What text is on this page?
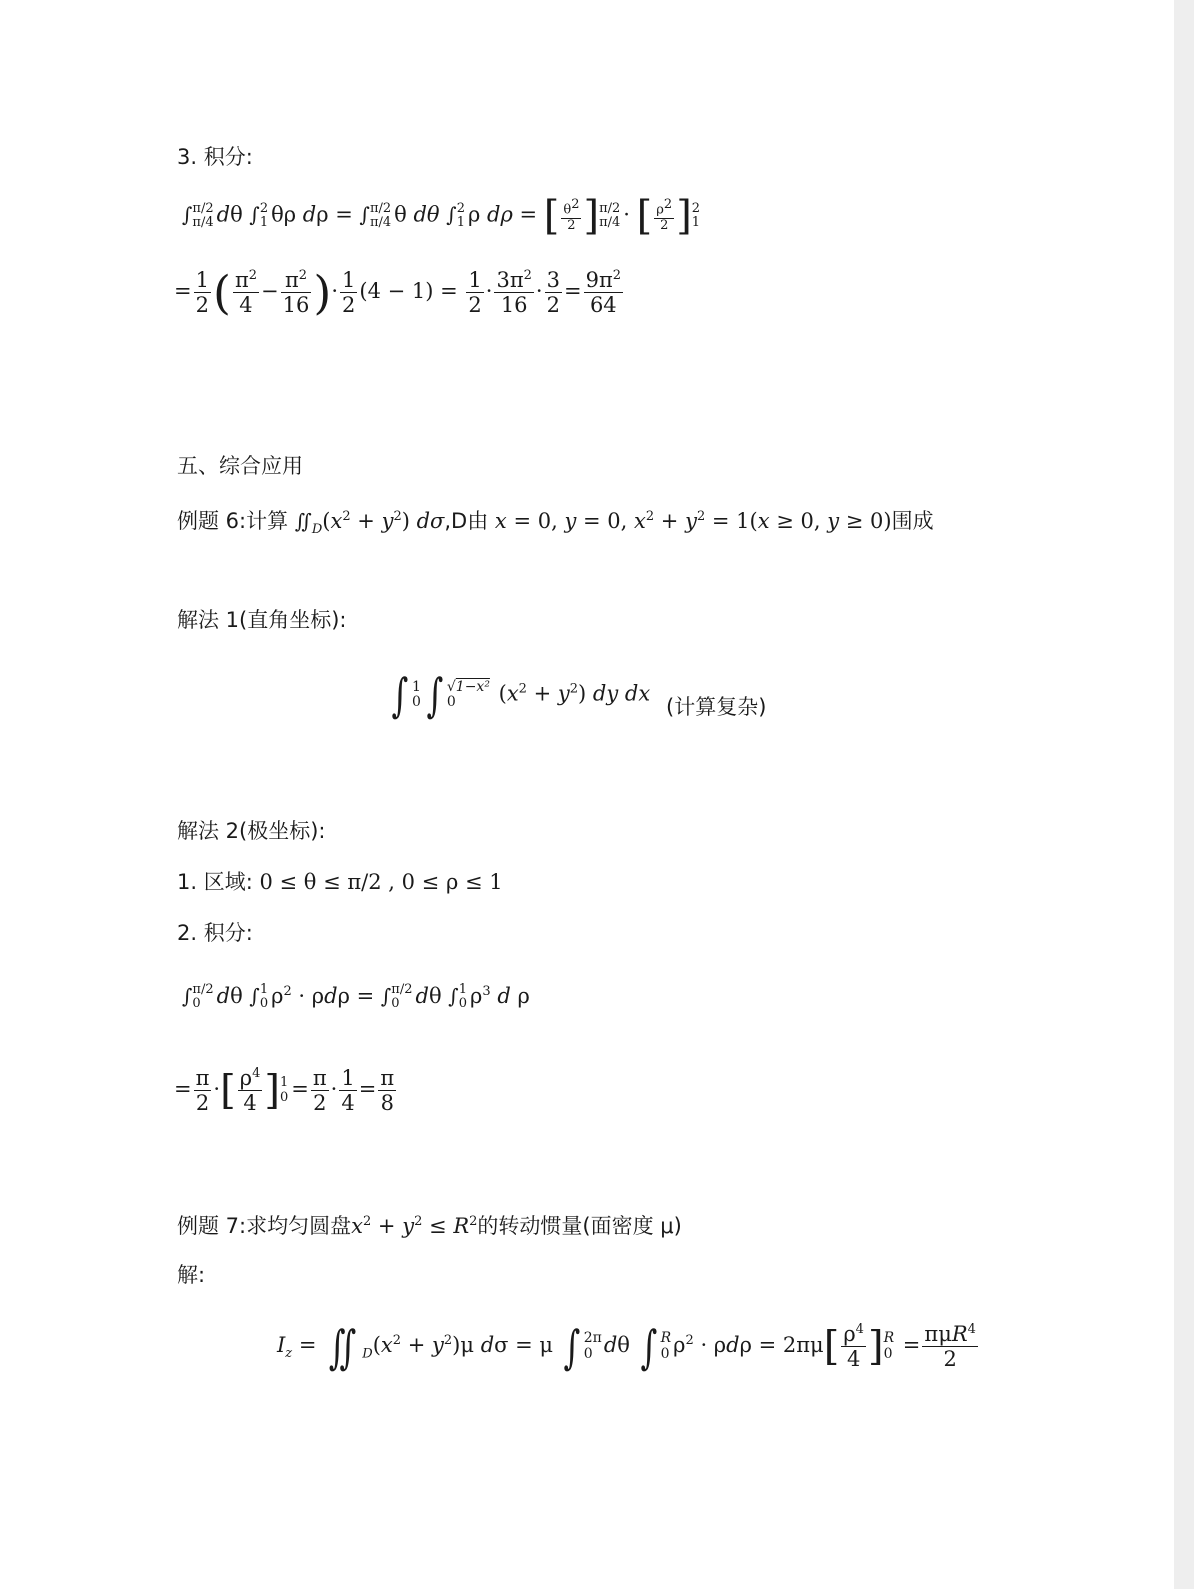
3. 积分:
∫ π/2
π/4 dθ ∫ 2
1 θρ dρ = ∫ π/2
π/4 θ dθ ∫ 2
1 ρ dρ = [ $\frac{\theta^2}{2}$ ] π/2
π/4 · [ $\frac{\rho^2}{2}$ ] 2
1
= $\frac{1}{2}$ ( $\frac{\pi^2}{4} - \frac{\pi^2}{16}$ )· $\frac{1}{2} (4 - 1) = \frac{1}{2} \cdot \frac{3\pi^2}{16} \cdot \frac{3}{2} = \frac{9\pi^2}{64}$
五、综合应用
例题 6:计算 $∬_D(x^2 + y^2)$ dσ,D由 x = 0, y = 0, $x^2 + y^2 = 1(x \ge 0$, y ≥ 0)围成
解法 1(直角坐标):
∫ 1
0 ∫ √1−x²
0	$(x^2 + y^2)$ dy dx
(计算复杂)
解法 2(极坐标):
1. 区域: 0 ≤ θ ≤ π/2 , 0 ≤ ρ ≤ 1
2. 积分:
∫ π/2
0 dθ ∫ 1
0 $\rho^2 \cdot \rho d\rho$ = ∫ π/2
0 dθ ∫ 1
0 $\rho^3$ d ρ
= $\frac{\pi}{2}$ ·[ $\frac{\rho^4}{4}$ ] 1
$0 = \frac{\pi}{2} \cdot \frac{1}{4} = \frac{\pi}{8}$
例题 7:求均匀圆盘$x^2 + y^2 \le R^2$的转动惯量(面密度 μ)
解:
$I_z$ = ∬ $_D(x^2 + y^2)\mu$ dσ = μ ∫ 2π
0 dθ ∫ R
0 $\rho^2 \cdot \rho d\rho = 2\pi\mu[ \frac{\rho^4}{4}$ ] R
$0 = \frac{\pi\mu R^4}{2}$
